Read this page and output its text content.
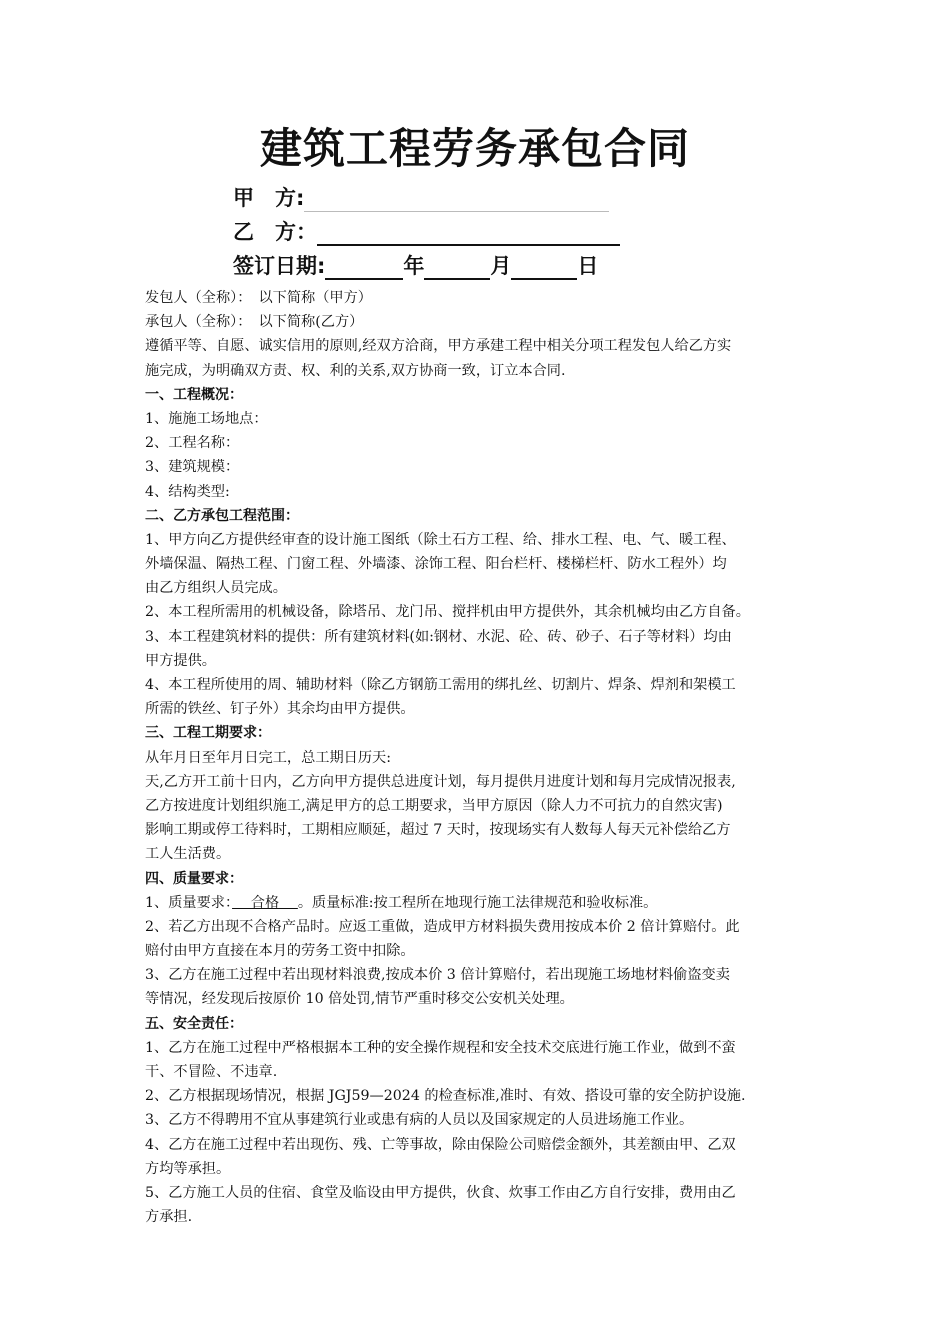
建筑工程劳务承包合同
甲　方:
乙　方：
签订日期:	年	月	日
发包人（全称）：　以下简称（甲方）
承包人（全称）：　以下简称(乙方）
遵循平等、自愿、诚实信用的原则,经双方洽商，甲方承建工程中相关分项工程发包人给乙方实
施完成，为明确双方责、权、利的关系,双方协商一致，订立本合同.
一、工程概况：
1、施施工场地点：
2、工程名称：
3、建筑规模：
4、结构类型:
二、乙方承包工程范围：
1、甲方向乙方提供经审查的设计施工图纸（除土石方工程、给、排水工程、电、气、暖工程、
外墙保温、隔热工程、门窗工程、外墙漆、涂饰工程、阳台栏杆、楼梯栏杆、防水工程外）均
由乙方组织人员完成。
2、本工程所需用的机械设备，除塔吊、龙门吊、搅拌机由甲方提供外，其余机械均由乙方自备。
3、本工程建筑材料的提供：所有建筑材料(如:钢材、水泥、砼、砖、砂子、石子等材料）均由
甲方提供。
4、本工程所使用的周、辅助材料（除乙方钢筋工需用的绑扎丝、切割片、焊条、焊剂和架模工
所需的铁丝、钉子外）其余均由甲方提供。
三、工程工期要求：
从年月日至年月日完工，总工期日历天:
天,乙方开工前十日内，乙方向甲方提供总进度计划，每月提供月进度计划和每月完成情况报表,
乙方按进度计划组织施工,满足甲方的总工期要求，当甲方原因（除人力不可抗力的自然灾害)
影响工期或停工待料时，工期相应顺延，超过 7 天时，按现场实有人数每人每天元补偿给乙方
工人生活费。
四、质量要求：
1、质量要求：　 合格　 。质量标准:按工程所在地现行施工法律规范和验收标准。
2、若乙方出现不合格产品时。应返工重做，造成甲方材料损失费用按成本价 2 倍计算赔付。此
赔付由甲方直接在本月的劳务工资中扣除。
3、乙方在施工过程中若出现材料浪费,按成本价 3 倍计算赔付，若出现施工场地材料偷盗变卖
等情况，经发现后按原价 10 倍处罚,情节严重时移交公安机关处理。
五、安全责任：
1、乙方在施工过程中严格根据本工种的安全操作规程和安全技术交底进行施工作业，做到不蛮
干、不冒险、不违章.
2、乙方根据现场情况，根据 JGJ59—2024 的检查标准,准时、有效、搭设可靠的安全防护设施.
3、乙方不得聘用不宜从事建筑行业或患有病的人员以及国家规定的人员进场施工作业。
4、乙方在施工过程中若出现伤、残、亡等事故，除由保险公司赔偿金额外，其差额由甲、乙双
方均等承担。
5、乙方施工人员的住宿、食堂及临设由甲方提供，伙食、炊事工作由乙方自行安排，费用由乙
方承担.
